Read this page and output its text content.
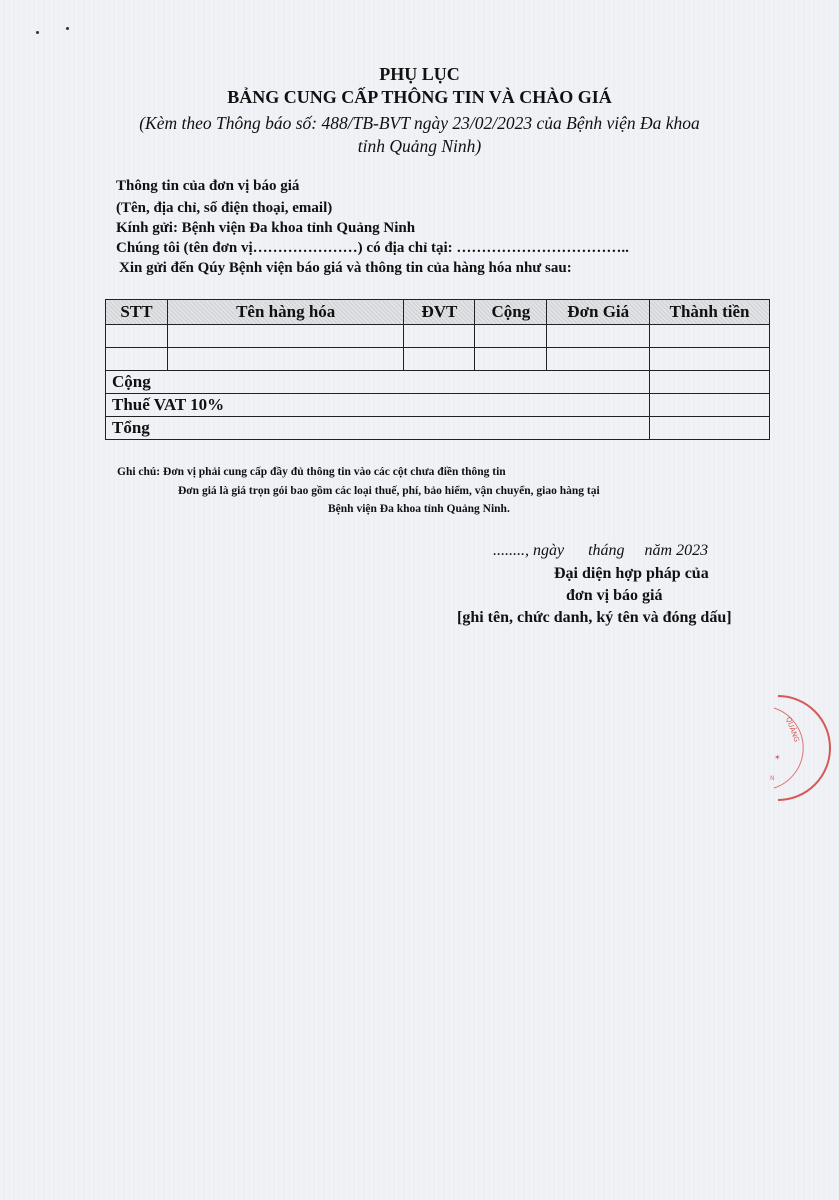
PHỤ LỤC
BẢNG CUNG CẤP THÔNG TIN VÀ CHÀO GIÁ
(Kèm theo Thông báo số: 488/TB-BVT ngày 23/02/2023 của Bệnh viện Đa khoa
tỉnh Quảng Ninh)
Thông tin của đơn vị báo giá
(Tên, địa chỉ, số điện thoại, email)
Kính gửi: Bệnh viện Đa khoa tỉnh Quảng Ninh
Chúng tôi (tên đơn vị…………………) có địa chỉ tại: ……………………………..
Xin gửi đến Qúy Bệnh viện báo giá và thông tin của hàng hóa như sau:
STT	Tên hàng hóa	ĐVT	Cộng	Đơn Giá	Thành tiền

Cộng					
Thuế VAT 10%					
Tổng					
Ghi chú: Đơn vị phải cung cấp đầy đủ thông tin vào các cột chưa điền thông tin
Đơn giá là giá trọn gói bao gồm các loại thuế, phí, bảo hiểm, vận chuyển, giao hàng tại
Bệnh viện Đa khoa tỉnh Quảng Ninh.
........, ngày      tháng     năm 2023
Đại diện hợp pháp của
đơn vị báo giá
[ghi tên, chức danh, ký tên và đóng dấu]
QUẢNG
✶
N
